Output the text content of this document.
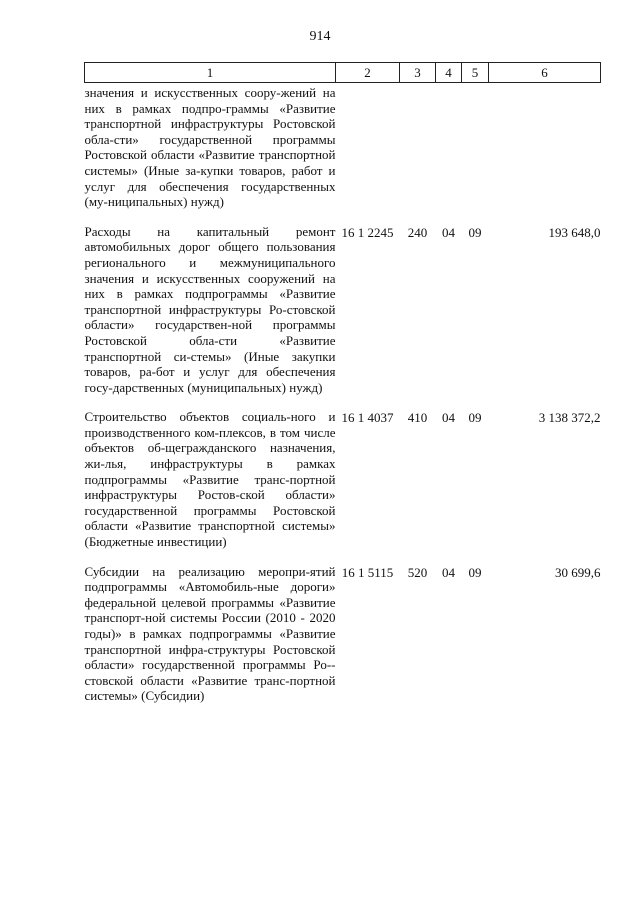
914
1	2	3	4	5	6
значения и искусственных соору-жений на них в рамках подпро-граммы «Развитие транспортной инфраструктуры Ростовской обла-сти» государственной программы Ростовской области «Развитие транспортной системы» (Иные за-купки товаров, работ и услуг для обеспечения государственных (му-ниципальных) нужд)					
Расходы на капитальный ремонт автомобильных дорог общего пользования регионального и межмуниципального значения и искусственных сооружений на них в рамках подпрограммы «Развитие транспортной инфраструктуры Ро-стовской области» государствен-ной программы Ростовской обла-сти «Развитие транспортной си-стемы» (Иные закупки товаров, ра-бот и услуг для обеспечения госу-дарственных (муниципальных) нужд)	16 1 2245	240	04	09	193 648,0
Строительство объектов социаль-ного и производственного ком-плексов, в том числе объектов об-щегражданского назначения, жи-лья, инфраструктуры в рамках подпрограммы «Развитие транс-портной инфраструктуры Ростов-ской области» государственной программы Ростовской области «Развитие транспортной системы» (Бюджетные инвестиции)	16 1 4037	410	04	09	3 138 372,2
Субсидии на реализацию меропри-ятий подпрограммы «Автомобиль-ные дороги» федеральной целевой программы «Развитие транспорт-ной системы России (2010 - 2020 годы)» в рамках подпрограммы «Развитие транспортной инфра-структуры Ростовской области» государственной программы Ро-стовской области «Развитие транс-портной системы» (Субсидии)	16 1 5115	520	04	09	30 699,6
